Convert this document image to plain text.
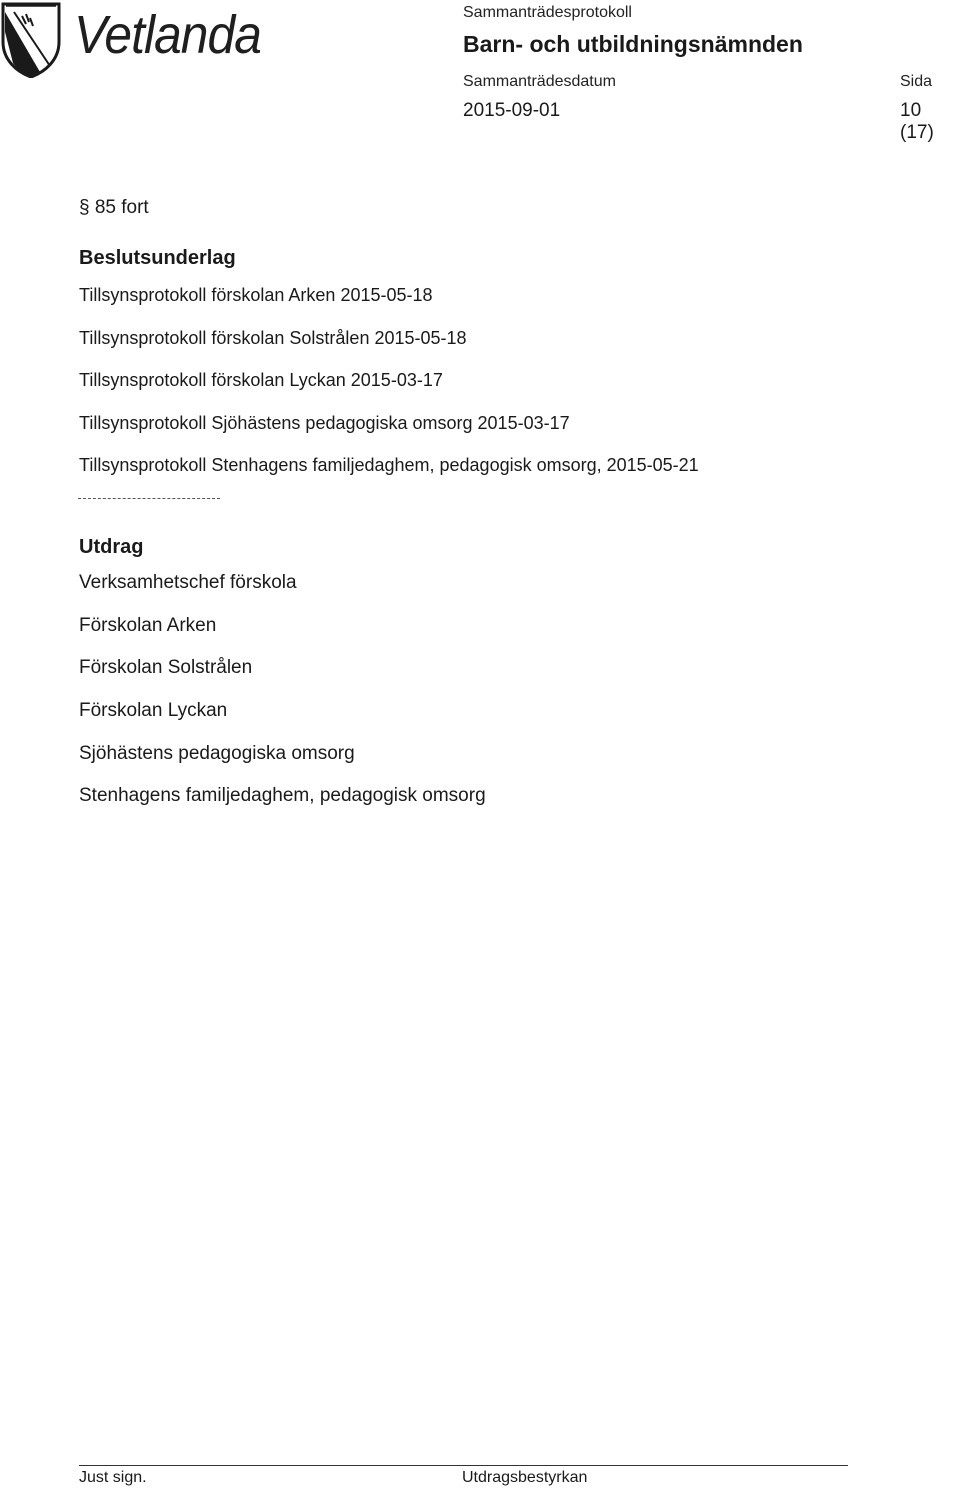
Vetlanda	Sammanträdesprotokoll
Barn- och utbildningsnämnden
Sammanträdesdatum	Sida
2015-09-01	10 (17)
§ 85 fort
Beslutsunderlag
Tillsynsprotokoll förskolan Arken 2015-05-18
Tillsynsprotokoll förskolan Solstrålen 2015-05-18
Tillsynsprotokoll förskolan Lyckan 2015-03-17
Tillsynsprotokoll Sjöhästens pedagogiska omsorg 2015-03-17
Tillsynsprotokoll Stenhagens familjedaghem, pedagogisk omsorg, 2015-05-21
Utdrag
Verksamhetschef förskola
Förskolan Arken
Förskolan Solstrålen
Förskolan Lyckan
Sjöhästens pedagogiska omsorg
Stenhagens familjedaghem, pedagogisk omsorg
Just sign.	Utdragsbestyrkan
